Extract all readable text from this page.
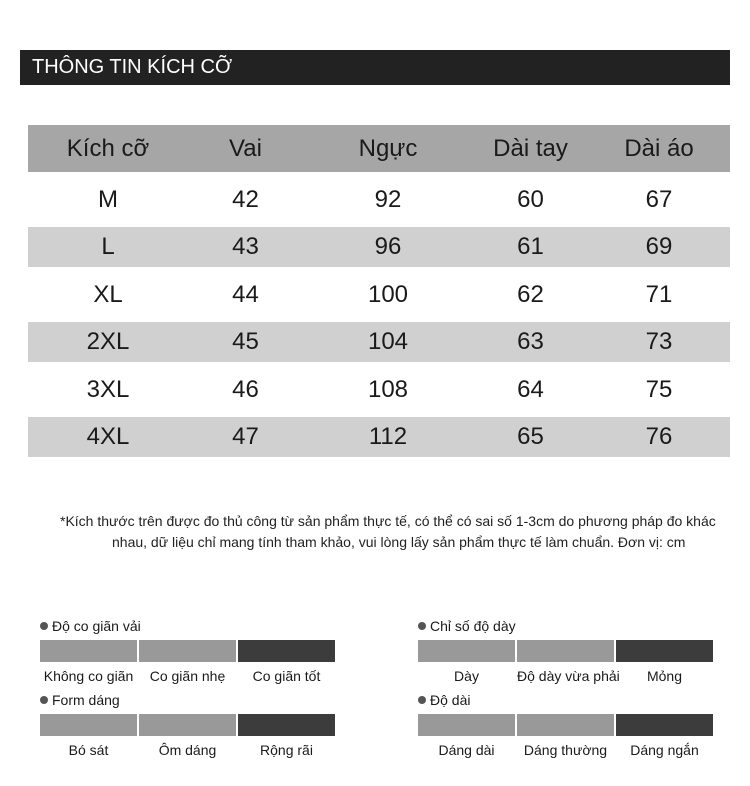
THÔNG TIN KÍCH CỠ
Kích cỡ	Vai	Ngực	Dài tay	Dài áo
M	42	92	60	67
L	43	96	61	69
XL	44	100	62	71
2XL	45	104	63	73
3XL	46	108	64	75
4XL	47	112	65	76
*Kích thước trên được đo thủ công từ sản phẩm thực tế, có thể có sai số 1-3cm do phương pháp đo khác
nhau, dữ liệu chỉ mang tính tham khảo, vui lòng lấy sản phẩm thực tế làm chuẩn. Đơn vị: cm
Độ co giãn vải
Không co giãn	Co giãn nhẹ	Co giãn tốt
Chỉ số độ dày
Dày	Độ dày vừa phải	Mỏng
Form dáng
Bó sát	Ôm dáng	Rộng rãi
Độ dài
Dáng dài	Dáng thường	Dáng ngắn
